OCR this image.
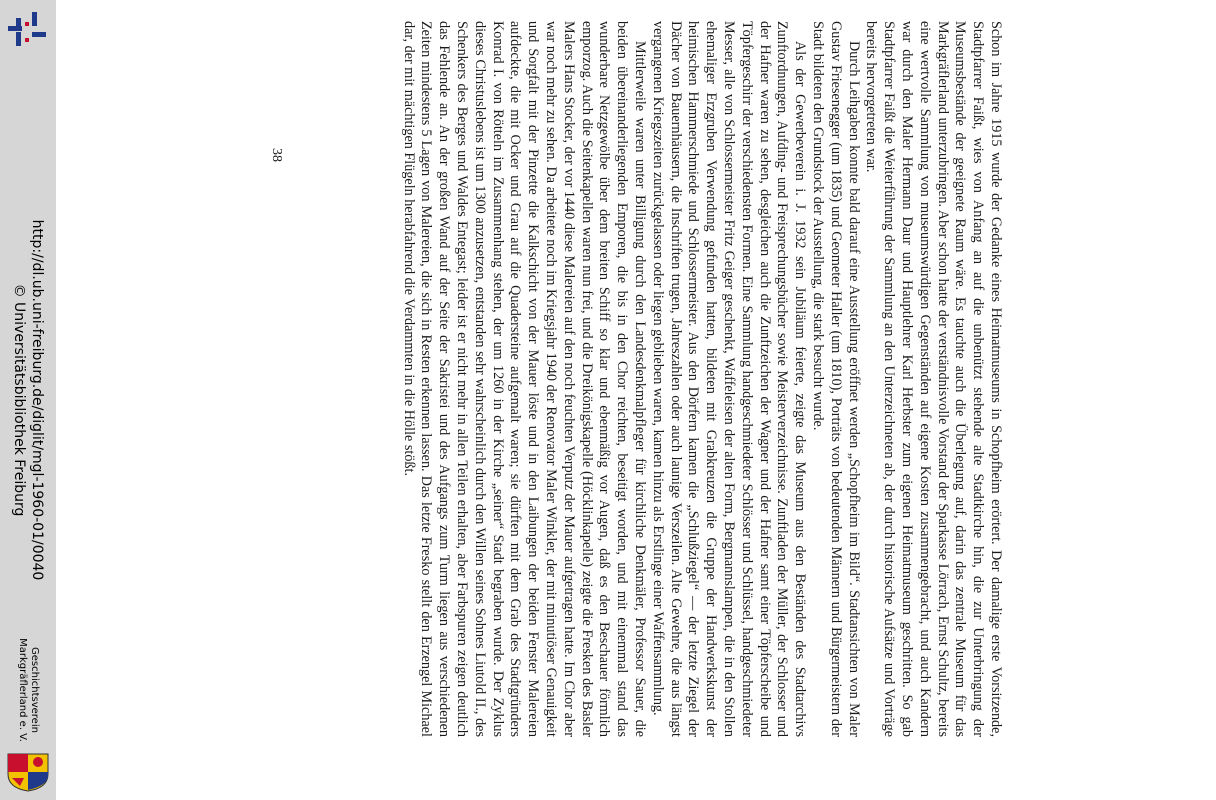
http://dl.ub.uni-freiburg.de/diglit/mgl-1960-01/0040
© Universitätsbibliothek Freiburg
Geschichtsverein
Markgräflerland e. V.	Schon im Jahre 1915 wurde der Gedanke eines Heimatmuseums in Schopfheim erörtert. Der damalige erste Vorsitzende, Stadtpfarrer Faißt, wies von Anfang an auf die unbenützt stehende alte Stadtkirche hin, die zur Unterbringung der Museumsbestände der geeignete Raum wäre. Es tauchte auch die Überlegung auf, darin das zentrale Museum für das Markgräflerland unterzubringen. Aber schon hatte der verständnisvolle Vorstand der Sparkasse Lörrach, Ernst Schultz, bereits eine wertvolle Sammlung von museumswürdigen Gegenständen auf eigene Kosten zusammengebracht, und auch Kandern war durch den Maler Hermann Daur und Hauptlehrer Karl Herbster zum eigenen Heimatmuseum geschritten. So gab Stadtpfarrer Faißt die Weiterführung der Sammlung an den Unterzeichneten ab, der durch historische Aufsätze und Vorträge bereits hervorgetreten war.

Durch Leihgaben konnte bald darauf eine Ausstellung eröffnet werden „Schopfheim im Bild“. Stadtansichten von Maler Gustav Friesenegger (um 1835) und Geometer Haller (um 1810), Porträts von bedeutenden Männern und Bürgermeistern der Stadt bildeten den Grundstock der Ausstellung, die stark besucht wurde.

Als der Gewerbeverein i. J. 1932 sein Jubiläum feierte, zeigte das Museum aus den Beständen des Stadtarchivs Zunftordnungen, Aufding- und Freisprechungsbücher sowie Meisterverzeichnisse. Zunftladen der Müller, der Schlosser und der Hafner waren zu sehen, desgleichen auch die Zunftzeichen der Wagner und der Hafner samt einer Töpferscheibe und Töpfergeschirr der verschiedensten Formen. Eine Sammlung handgeschmiedeter Schlösser und Schlüssel, handgeschmiedeter Messer, alle von Schlossermeister Fritz Geiger geschenkt, Waffeleisen der alten Form, Bergmannslampen, die in den Stollen ehemaliger Erzgruben Verwendung gefunden hatten, bildeten mit Grabkreuzen die Gruppe der Handwerkskunst der heimischen Hammerschmiede und Schlossermeister. Aus den Dörfern kamen die „Schlußziegel“ — der letzte Ziegel der Dächer von Bauernhäusern, die Inschriften trugen, Jahreszahlen oder auch launige Verszeilen. Alte Gewehre, die aus längst vergangenen Kriegszeiten zurückgelassen oder liegen geblieben waren, kamen hinzu als Erstlinge einer Waffensammlung.

Mittlerweile waren unter Billigung durch den Landesdenkmalpfleger für kirchliche Denkmäler, Professor Sauer, die beiden übereinanderliegenden Emporen, die bis in den Chor reichten, beseitigt worden, und mit einemmal stand das wunderbare Netzgewölbe über dem breiten Schiff so klar und ebenmäßig vor Augen, daß es den Beschauer förmlich emporzog. Auch die Seitenkapellen waren nun frei, und die Dreikönigskapelle (Höcklinkapelle) zeigte die Fresken des Basler Malers Hans Stocker, der vor 1440 diese Malereien auf den noch feuchten Verputz der Mauer aufgetragen hatte. Im Chor aber war noch mehr zu sehen. Da arbeitete noch im Kriegsjahr 1940 der Renovator Maler Winkler, der mit minutiöser Genauigkeit und Sorgfalt mit der Pinzette die Kalkschicht von der Mauer löste und in den Laibungen der beiden Fenster Malereien aufdeckte, die mit Ocker und Grau auf die Quadersteine aufgemalt waren; sie dürften mit dem Grab des Stadtgründers Konrad I. von Rötteln im Zusammenhang stehen, der um 1260 in der Kirche „seiner“ Stadt begraben wurde. Der Zyklus dieses Christuslebens ist um 1300 anzusetzen, entstanden sehr wahrscheinlich durch den Willen seines Sohnes Liutold II., des Schenkers des Berges und Waldes Entegast; leider ist er nicht mehr in allen Teilen erhalten, aber Farbspuren zeigen deutlich das Fehlende an. An der großen Wand auf der Seite der Sakristei und des Aufgangs zum Turm liegen aus verschiedenen Zeiten mindestens 5 Lagen von Malereien, die sich in Resten erkennen lassen. Das letzte Fresko stellt den Erzengel Michael dar, der mit mächtigen Flügeln herabfahrend die Verdammten in die Hölle stößt.

38
